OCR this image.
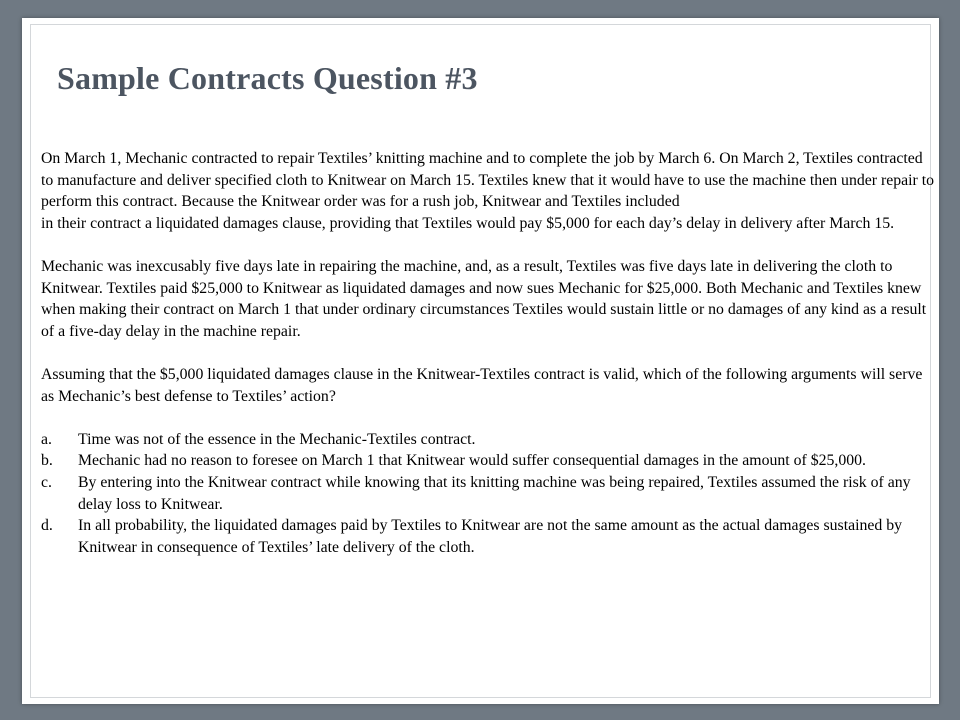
Sample Contracts Question #3

On March 1, Mechanic contracted to repair Textiles’ knitting machine and to complete the job by March 6. On March 2, Textiles contracted to manufacture and deliver specified cloth to Knitwear on March 15. Textiles knew that it would have to use the machine then under repair to perform this contract. Because the Knitwear order was for a rush job, Knitwear and Textiles included

in their contract a liquidated damages clause, providing that Textiles would pay $5,000 for each day’s delay in delivery after March 15.

Mechanic was inexcusably five days late in repairing the machine, and, as a result, Textiles was five days late in delivering the cloth to Knitwear. Textiles paid $25,000 to Knitwear as liquidated damages and now sues Mechanic for $25,000. Both Mechanic and Textiles knew when making their contract on March 1 that under ordinary circumstances Textiles would sustain little or no damages of any kind as a result of a five-day delay in the machine repair.

Assuming that the $5,000 liquidated damages clause in the Knitwear-Textiles contract is valid, which of the following arguments will serve as Mechanic’s best defense to Textiles’ action?

a. Time was not of the essence in the Mechanic-Textiles contract.
b. Mechanic had no reason to foresee on March 1 that Knitwear would suffer consequential damages in the amount of $25,000.
c. By entering into the Knitwear contract while knowing that its knitting machine was being repaired, Textiles assumed the risk of any delay loss to Knitwear.
d. In all probability, the liquidated damages paid by Textiles to Knitwear are not the same amount as the actual damages sustained by Knitwear in consequence of Textiles’ late delivery of the cloth.
